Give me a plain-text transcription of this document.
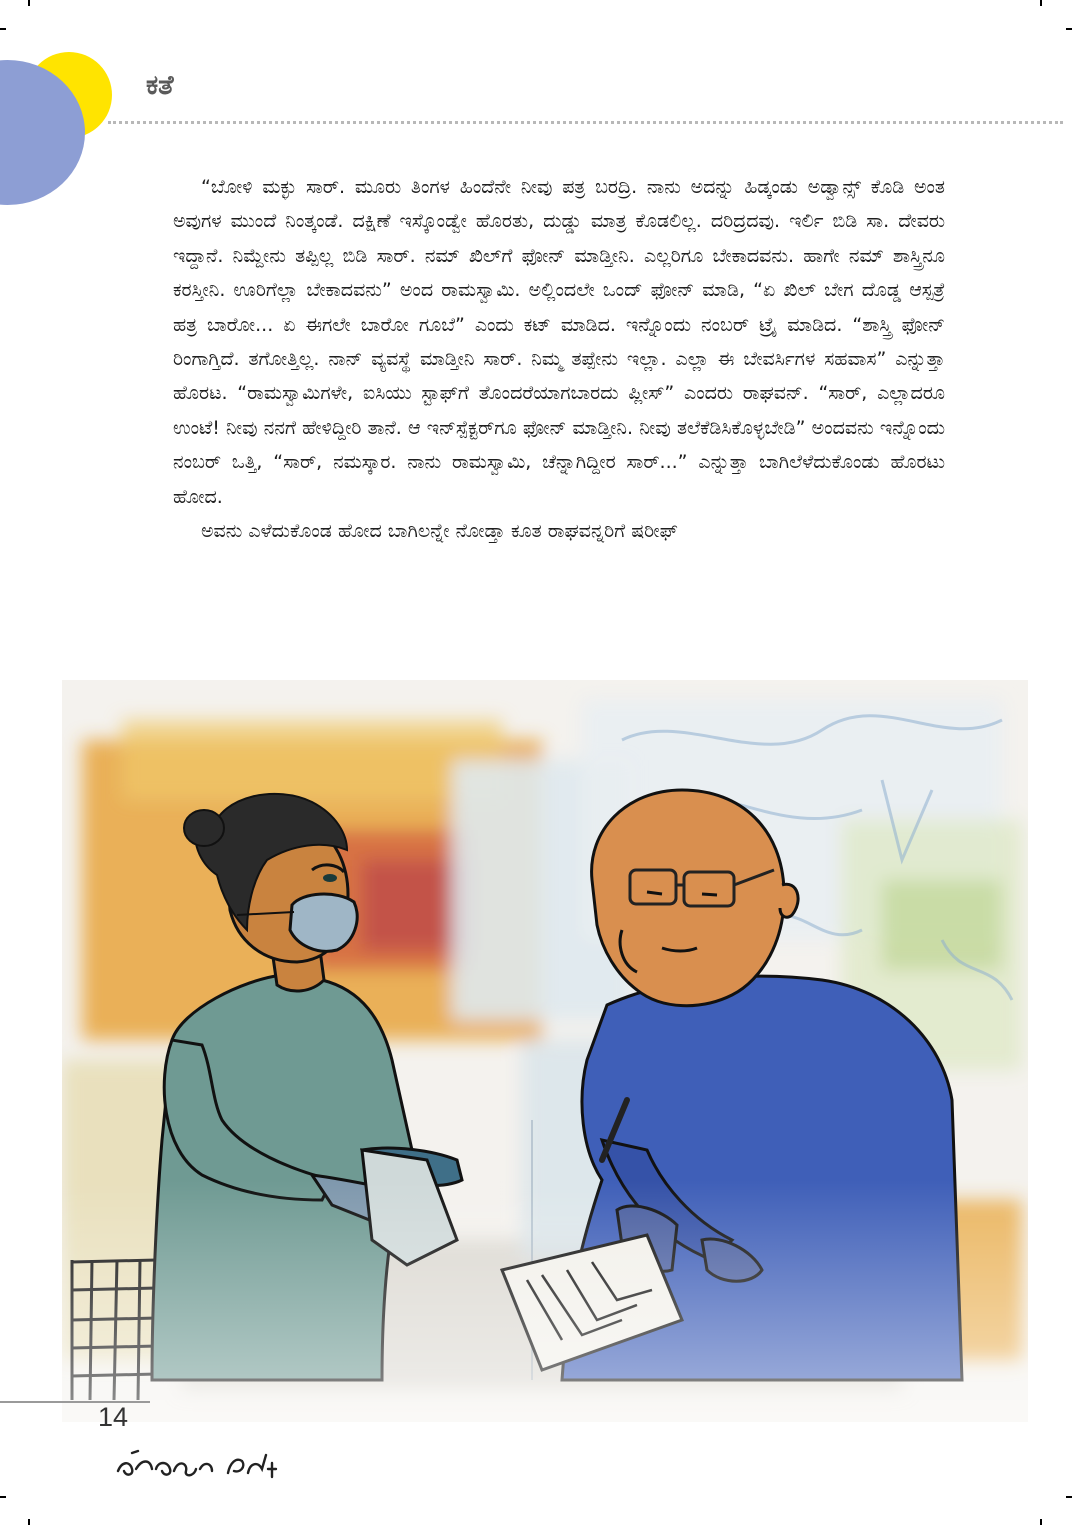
ಕತೆ

“ಬೋಳಿ ಮಕ್ಳು ಸಾರ್. ಮೂರು ತಿಂಗಳ ಹಿಂದೆನೇ ನೀವು ಪತ್ರ ಬರದ್ರಿ. ನಾನು ಅದನ್ನು ಹಿಡ್ಕಂಡು ಅಡ್ವಾನ್ಸ್ ಕೊಡಿ ಅಂತ ಅವುಗಳ ಮುಂದೆ ನಿಂತ್ಕಂಡೆ. ದಕ್ಷಿಣೆ ಇಸ್ಕೊಂಡ್ವೇ ಹೊರತು, ದುಡ್ಡು ಮಾತ್ರ ಕೊಡಲಿಲ್ಲ. ದರಿದ್ರದವು. ಇರ್ಲಿ ಬಿಡಿ ಸಾ. ದೇವರು ಇದ್ದಾನೆ. ನಿಮ್ದೇನು ತಪ್ಪಿಲ್ಲ ಬಿಡಿ ಸಾರ್. ನಮ್ ಖಿಲ್‌ಗೆ ಫೋನ್ ಮಾಡ್ತೀನಿ. ಎಲ್ಲರಿಗೂ ಬೇಕಾದವನು. ಹಾಗೇ ನಮ್ ಶಾಸ್ತ್ರಿನೂ ಕರಸ್ತೀನಿ. ಊರಿಗೆಲ್ಲಾ ಬೇಕಾದವನು” ಅಂದ ರಾಮಸ್ವಾಮಿ. ಅಲ್ಲಿಂದಲೇ ಒಂದ್ ಫೋನ್ ಮಾಡಿ, “ಏ ಖಿಲ್ ಬೇಗ ದೊಡ್ಡ ಆಸ್ಪತ್ರೆ ಹತ್ರ ಬಾರೋ... ಏ ಈಗಲೇ ಬಾರೋ ಗೂಬೆ” ಎಂದು ಕಟ್ ಮಾಡಿದ. ಇನ್ನೊಂದು ನಂಬರ್ ಟ್ರೈ ಮಾಡಿದ. “ಶಾಸ್ತ್ರಿ ಫೋನ್ ರಿಂಗಾಗ್ತಿದೆ. ತಗೋತ್ತಿಲ್ಲ. ನಾನ್ ವ್ಯವಸ್ಥೆ ಮಾಡ್ತೀನಿ ಸಾರ್. ನಿಮ್ಮ ತಪ್ಪೇನು ಇಲ್ಲಾ. ಎಲ್ಲಾ ಈ ಬೇವರ್ಸಿಗಳ ಸಹವಾಸ” ಎನ್ನುತ್ತಾ ಹೊರಟ. “ರಾಮಸ್ವಾಮಿಗಳೇ, ಐಸಿಯು ಸ್ಟಾಫ್‌ಗೆ ತೊಂದರೆಯಾಗಬಾರದು ಪ್ಲೀಸ್” ಎಂದರು ರಾಘವನ್. “ಸಾರ್, ಎಲ್ಲಾದರೂ ಉಂಟೆ! ನೀವು ನನಗೆ ಹೇಳಿದ್ದೀರಿ ತಾನೆ. ಆ ಇನ್‌ಸ್ಪೆಕ್ಟರ್‌ಗೂ ಫೋನ್ ಮಾಡ್ತೀನಿ. ನೀವು ತಲೆಕೆಡಿಸಿಕೊಳ್ಳಬೇಡಿ” ಅಂದವನು ಇನ್ನೊಂದು ನಂಬರ್ ಒತ್ತಿ, “ಸಾರ್, ನಮಸ್ಕಾರ. ನಾನು ರಾಮಸ್ವಾಮಿ, ಚೆನ್ನಾಗಿದ್ದೀರ ಸಾರ್...” ಎನ್ನುತ್ತಾ ಬಾಗಿಲೆಳೆದುಕೊಂಡು ಹೊರಟು ಹೋದ.

ಅವನು ಎಳೆದುಕೊಂಡ ಹೋದ ಬಾಗಿಲನ್ನೇ ನೋಡ್ತಾ ಕೂತ ರಾಘವನ್ನರಿಗೆ ಷರೀಫ್

14
